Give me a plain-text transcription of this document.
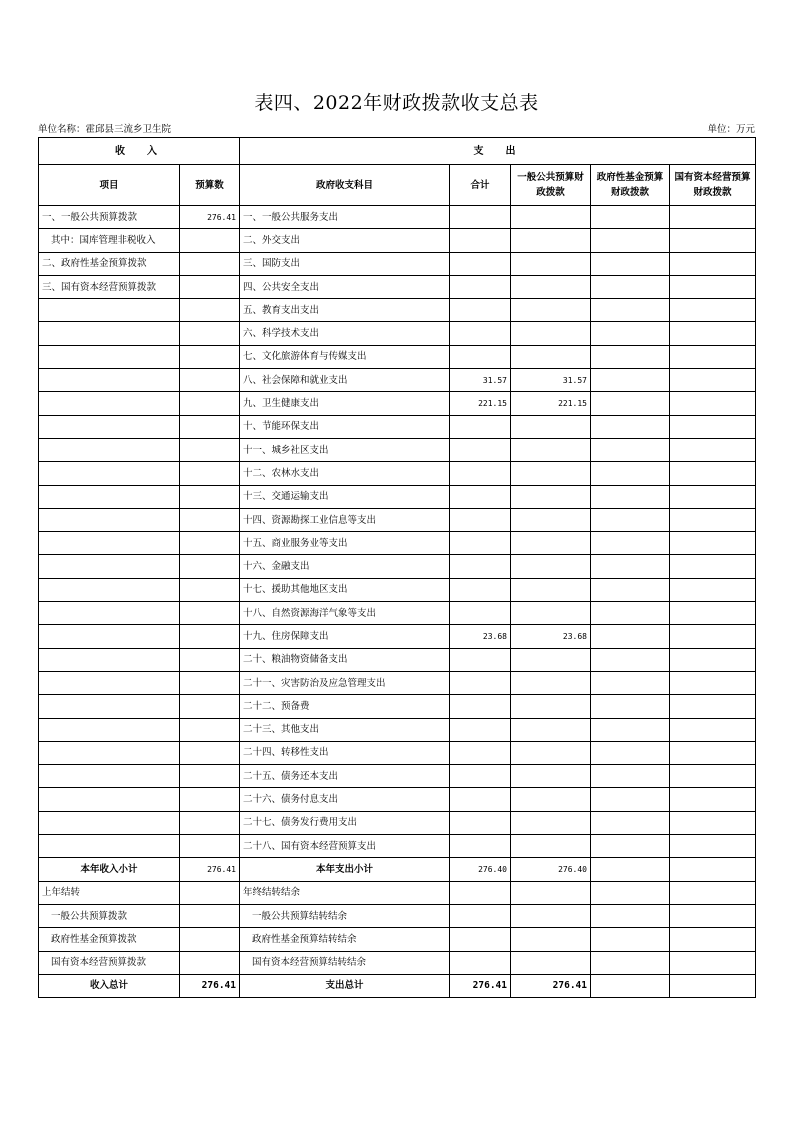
表四、2022年财政拨款收支总表
单位名称：霍邱县三流乡卫生院	单位：万元
收　入		支　出				
项目	预算数	政府收支科目	合计	一般公共预算财政拨款	政府性基金预算财政拨款	国有资本经营预算财政拨款
一、一般公共预算拨款	276.41	一、一般公共服务支出				
其中：国库管理非税收入		二、外交支出				
二、政府性基金预算拨款		三、国防支出				
三、国有资本经营预算拨款		四、公共安全支出				
		五、教育支出支出				
		六、科学技术支出				
		七、文化旅游体育与传媒支出				
		八、社会保障和就业支出	31.57	31.57		
		九、卫生健康支出	221.15	221.15		
		十、节能环保支出				
		十一、城乡社区支出				
		十二、农林水支出				
		十三、交通运输支出				
		十四、资源勘探工业信息等支出				
		十五、商业服务业等支出				
		十六、金融支出				
		十七、援助其他地区支出				
		十八、自然资源海洋气象等支出				
		十九、住房保障支出	23.68	23.68		
		二十、粮油物资储备支出				
		二十一、灾害防治及应急管理支出				
		二十二、预备费				
		二十三、其他支出				
		二十四、转移性支出				
		二十五、债务还本支出				
		二十六、债务付息支出				
		二十七、债务发行费用支出				
		二十八、国有资本经营预算支出				
本年收入小计	276.41	本年支出小计	276.40	276.40		
上年结转		年终结转结余				
一般公共预算拨款		一般公共预算结转结余				
政府性基金预算拨款		政府性基金预算结转结余				
国有资本经营预算拨款		国有资本经营预算结转结余				
收入总计	276.41	支出总计	276.41	276.41		
